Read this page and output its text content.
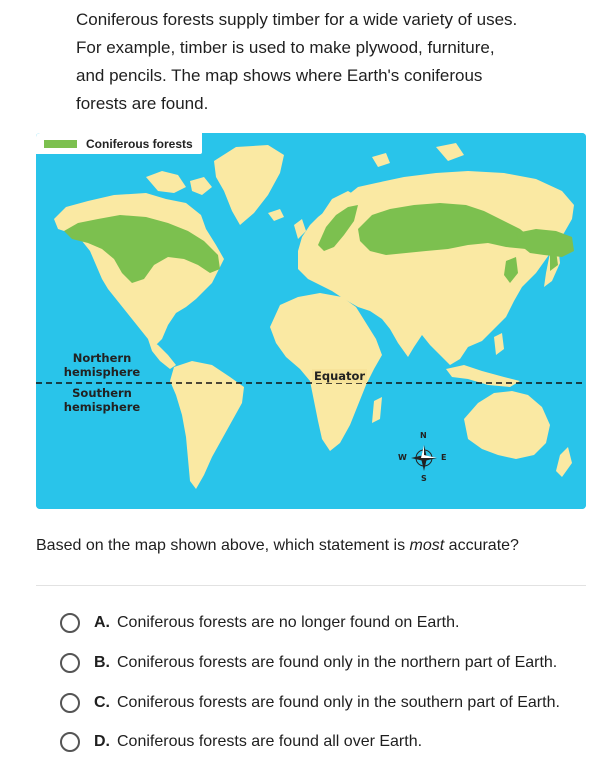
Coniferous forests supply timber for a wide variety of uses.
For example, timber is used to make plywood, furniture,
and pencils. The map shows where Earth's coniferous
forests are found.
Coniferous forests
Northern
hemisphere
Southern
hemisphere
Equator
N
S
E
W
Based on the map shown above, which statement is most accurate?
A. Coniferous forests are no longer found on Earth.
B. Coniferous forests are found only in the northern part of Earth.
C. Coniferous forests are found only in the southern part of Earth.
D. Coniferous forests are found all over Earth.
